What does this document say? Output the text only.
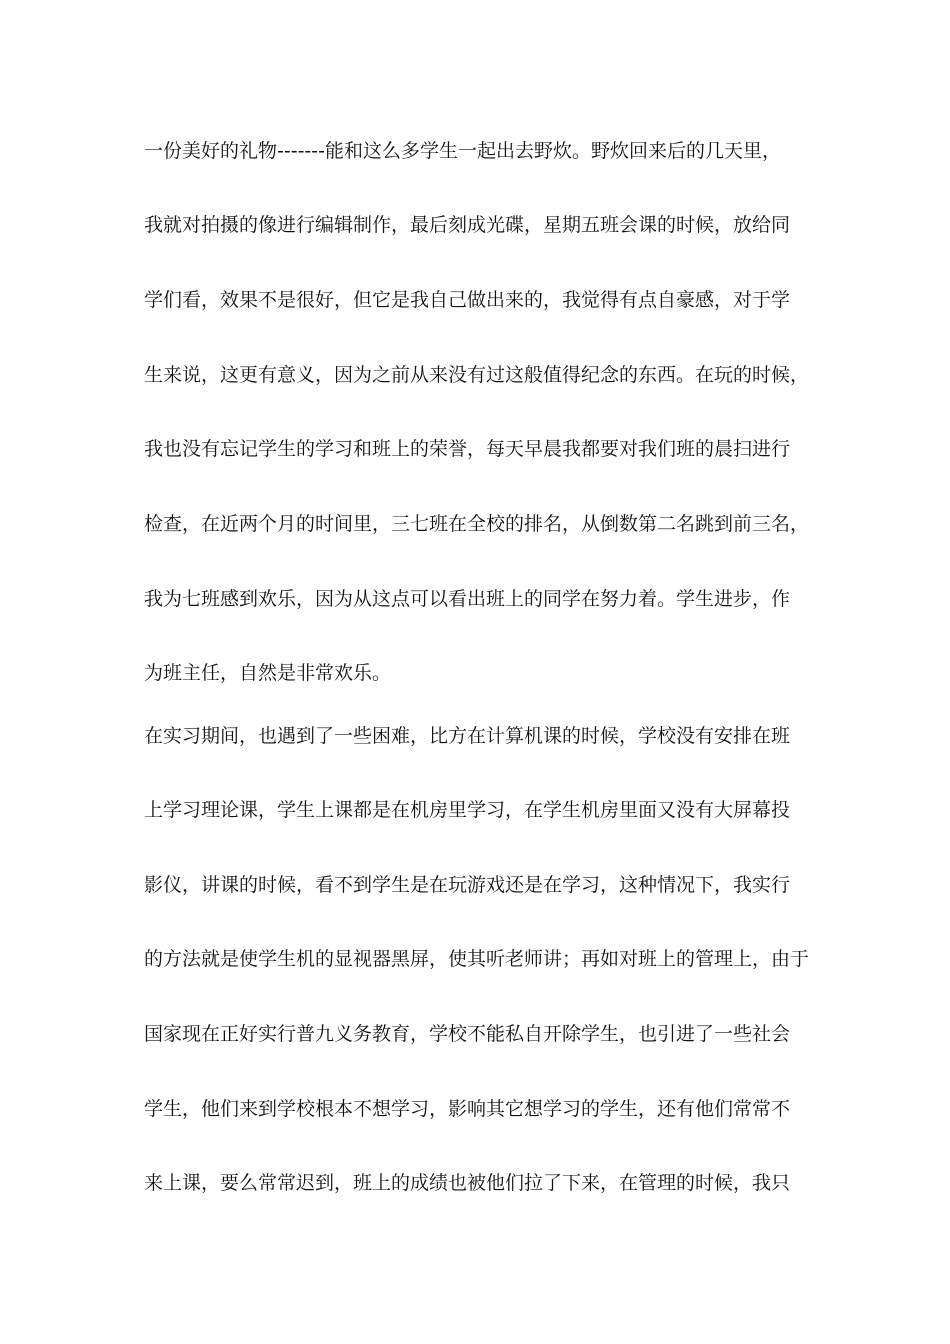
一份美好的礼物-------能和这么多学生一起出去野炊。野炊回来后的几天里，
我就对拍摄的像进行编辑制作，最后刻成光碟，星期五班会课的时候，放给同
学们看，效果不是很好，但它是我自己做出来的，我觉得有点自豪感，对于学
生来说，这更有意义，因为之前从来没有过这般值得纪念的东西。在玩的时候，
我也没有忘记学生的学习和班上的荣誉，每天早晨我都要对我们班的晨扫进行
检查，在近两个月的时间里，三七班在全校的排名，从倒数第二名跳到前三名，
我为七班感到欢乐，因为从这点可以看出班上的同学在努力着。学生进步，作
为班主任，自然是非常欢乐。
在实习期间，也遇到了一些困难，比方在计算机课的时候，学校没有安排在班
上学习理论课，学生上课都是在机房里学习，在学生机房里面又没有大屏幕投
影仪，讲课的时候，看不到学生是在玩游戏还是在学习，这种情况下，我实行
的方法就是使学生机的显视器黑屏，使其听老师讲；再如对班上的管理上，由于
国家现在正好实行普九义务教育，学校不能私自开除学生，也引进了一些社会
学生，他们来到学校根本不想学习，影响其它想学习的学生，还有他们常常不
来上课，要么常常迟到，班上的成绩也被他们拉了下来，在管理的时候，我只
